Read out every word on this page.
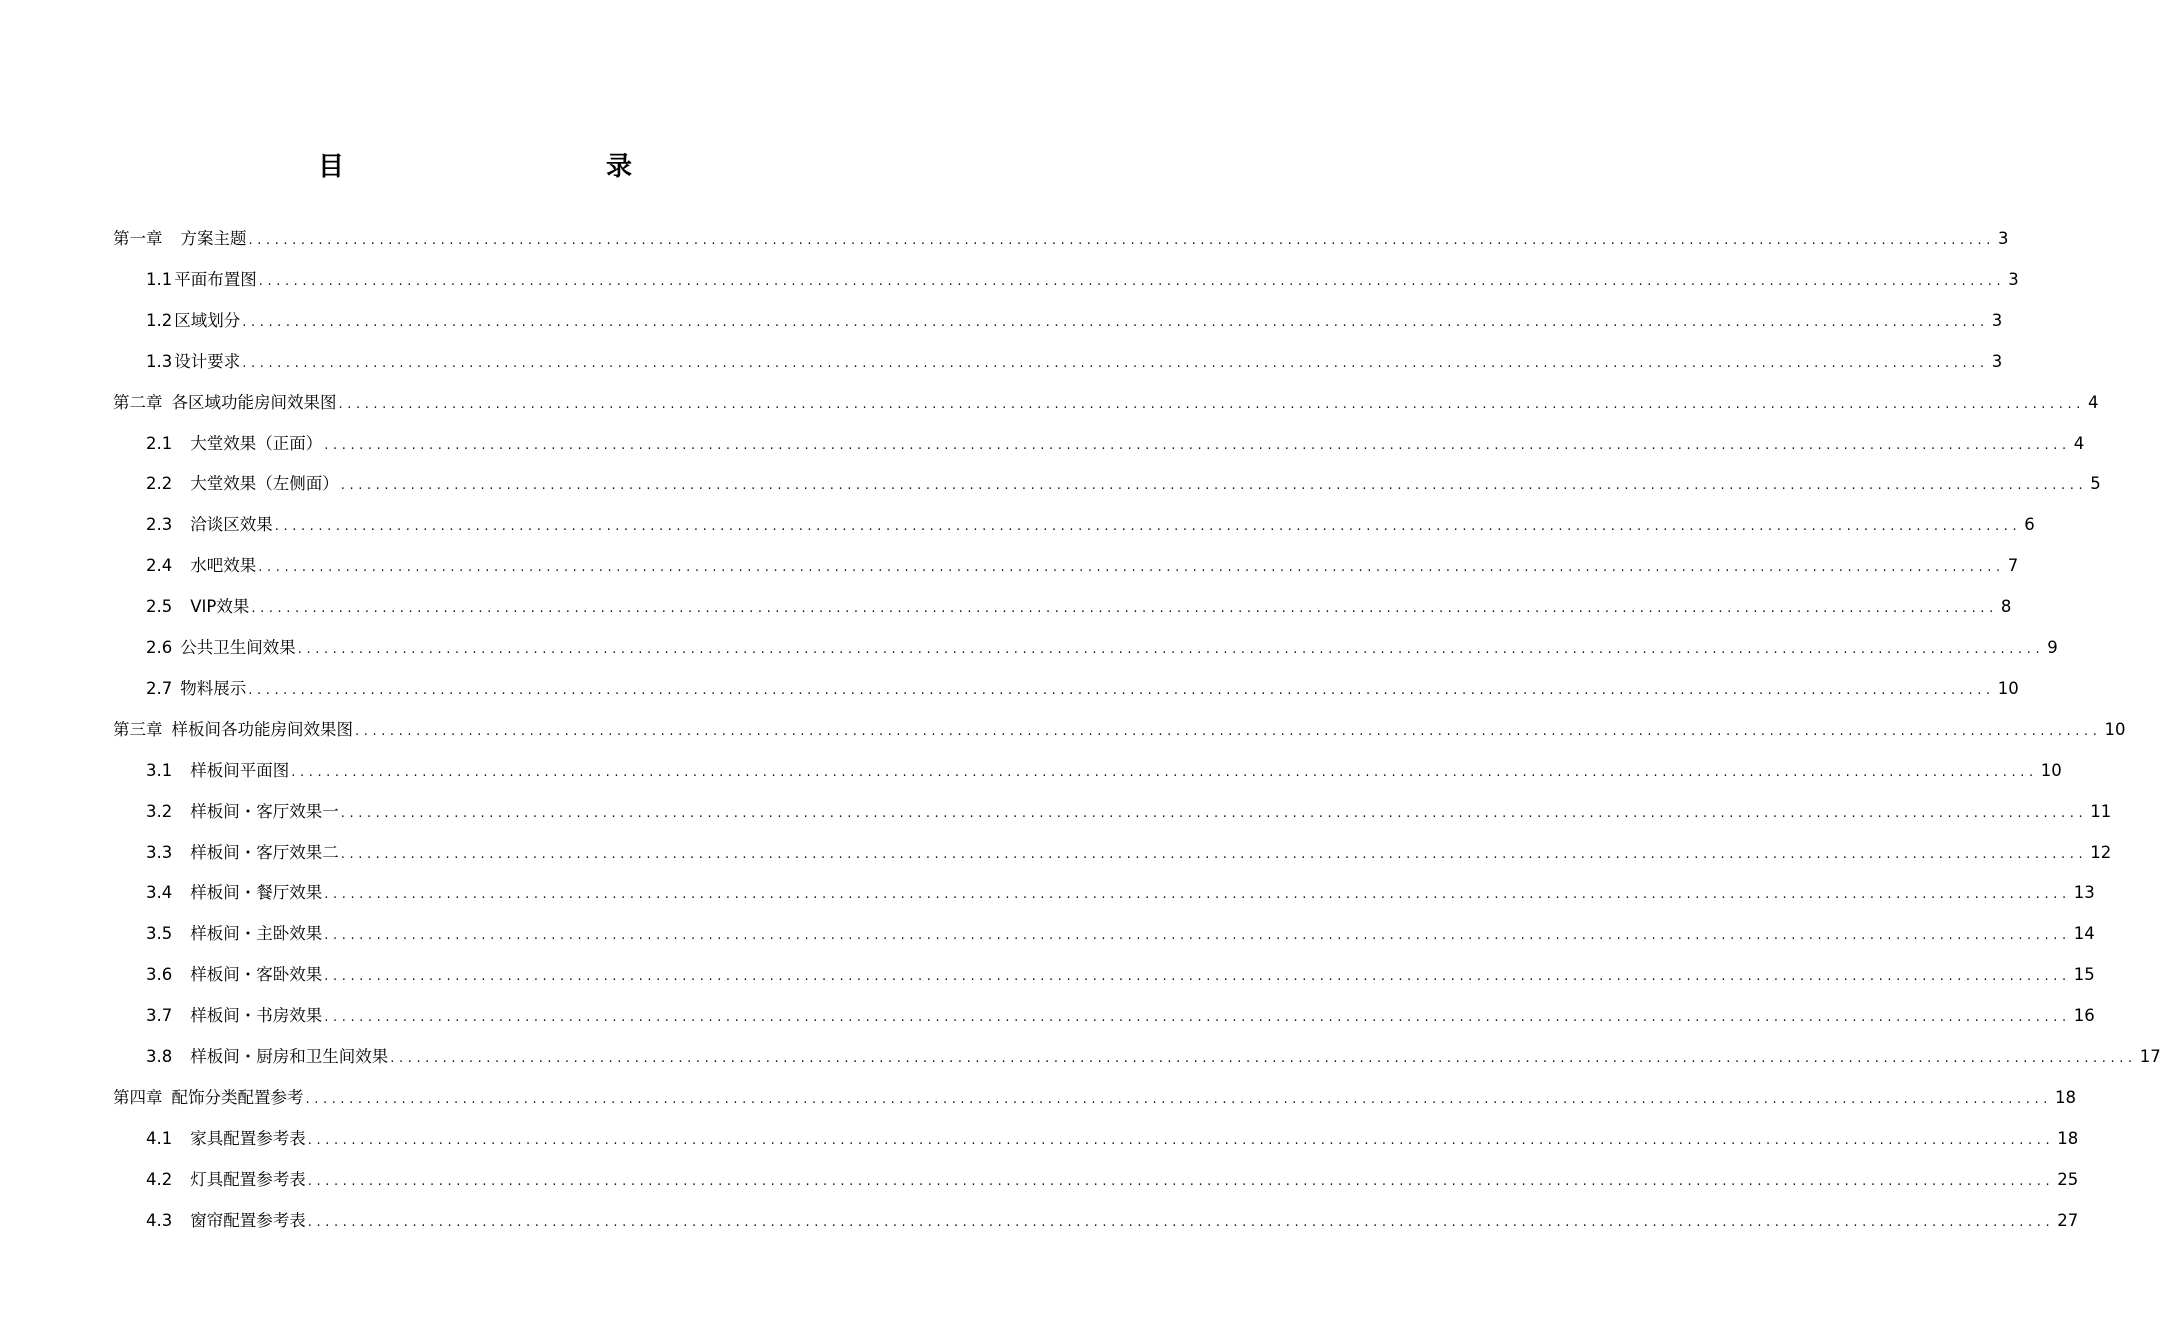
目　　录
第一章 方案主题 ........................................................................................................................................................................................................ 3
1.1 平面布置图 ........................................................................................................................................................................................................ 3
1.2 区域划分 ........................................................................................................................................................................................................ 3
1.3 设计要求 ........................................................................................................................................................................................................ 3
第二章 各区域功能房间效果图 ........................................................................................................................................................................................................ 4
2.1 大堂效果（正面） ........................................................................................................................................................................................................ 4
2.2 大堂效果（左侧面） ........................................................................................................................................................................................................ 5
2.3 洽谈区效果 ........................................................................................................................................................................................................ 6
2.4 水吧效果 ........................................................................................................................................................................................................ 7
2.5 VIP效果 ........................................................................................................................................................................................................ 8
2.6 公共卫生间效果 ........................................................................................................................................................................................................ 9
2.7 物料展示 ........................................................................................................................................................................................................ 10
第三章 样板间各功能房间效果图 ........................................................................................................................................................................................................ 10
3.1 样板间平面图 ........................................................................................................................................................................................................ 10
3.2 样板间・客厅效果一 ........................................................................................................................................................................................................ 11
3.3 样板间・客厅效果二 ........................................................................................................................................................................................................ 12
3.4 样板间・餐厅效果 ........................................................................................................................................................................................................ 13
3.5 样板间・主卧效果 ........................................................................................................................................................................................................ 14
3.6 样板间・客卧效果 ........................................................................................................................................................................................................ 15
3.7 样板间・书房效果 ........................................................................................................................................................................................................ 16
3.8 样板间・厨房和卫生间效果 ........................................................................................................................................................................................................ 17
第四章 配饰分类配置参考 ........................................................................................................................................................................................................ 18
4.1 家具配置参考表 ........................................................................................................................................................................................................ 18
4.2 灯具配置参考表 ........................................................................................................................................................................................................ 25
4.3 窗帘配置参考表 ........................................................................................................................................................................................................ 27
